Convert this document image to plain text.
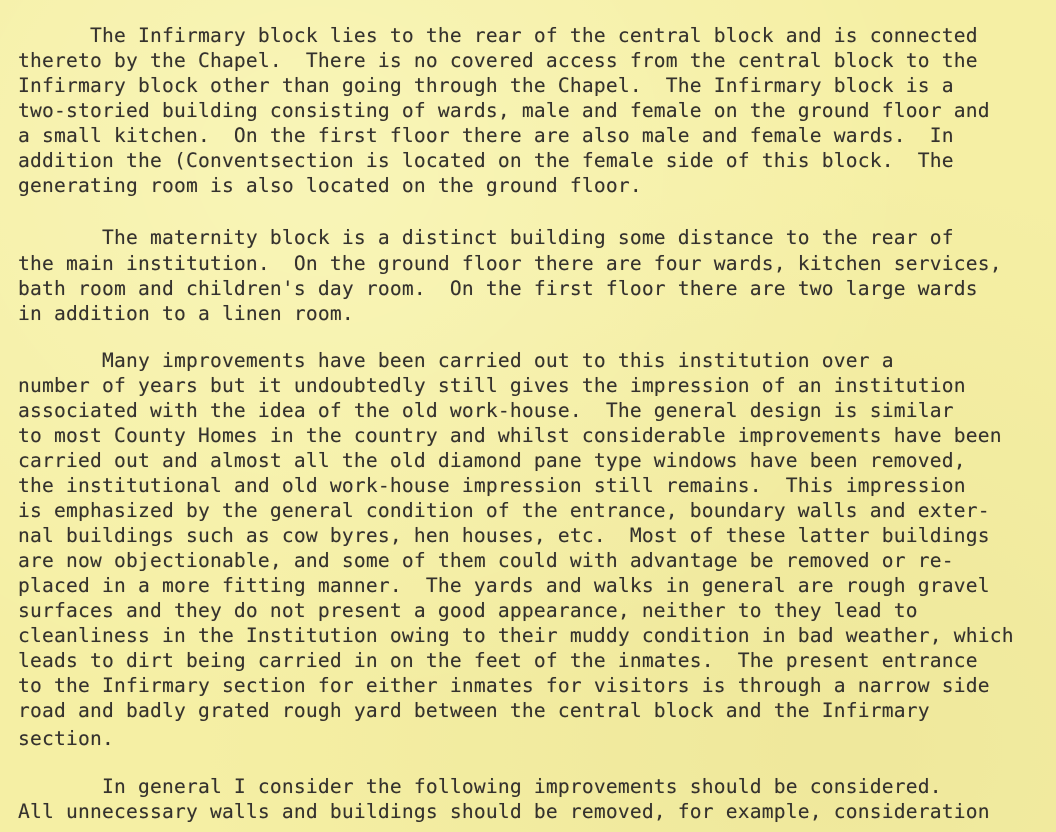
The Infirmary block lies to the rear of the central block and is connected
thereto by the Chapel.  There is no covered access from the central block to the
Infirmary block other than going through the Chapel.  The Infirmary block is a
two-storied building consisting of wards, male and female on the ground floor and
a small kitchen.  On the first floor there are also male and female wards.  In
addition the (Conventsection is located on the female side of this block.  The
generating room is also located on the ground floor.
The maternity block is a distinct building some distance to the rear of
the main institution.  On the ground floor there are four wards, kitchen services,
bath room and children's day room.  On the first floor there are two large wards
in addition to a linen room.
Many improvements have been carried out to this institution over a
number of years but it undoubtedly still gives the impression of an institution
associated with the idea of the old work-house.  The general design is similar
to most County Homes in the country and whilst considerable improvements have been
carried out and almost all the old diamond pane type windows have been removed,
the institutional and old work-house impression still remains.  This impression
is emphasized by the general condition of the entrance, boundary walls and exter-
nal buildings such as cow byres, hen houses, etc.  Most of these latter buildings
are now objectionable, and some of them could with advantage be removed or re-
placed in a more fitting manner.  The yards and walks in general are rough gravel
surfaces and they do not present a good appearance, neither to they lead to
cleanliness in the Institution owing to their muddy condition in bad weather, which
leads to dirt being carried in on the feet of the inmates.  The present entrance
to the Infirmary section for either inmates for visitors is through a narrow side
road and badly grated rough yard between the central block and the Infirmary
section.
In general I consider the following improvements should be considered.
All unnecessary walls and buildings should be removed, for example, consideration
